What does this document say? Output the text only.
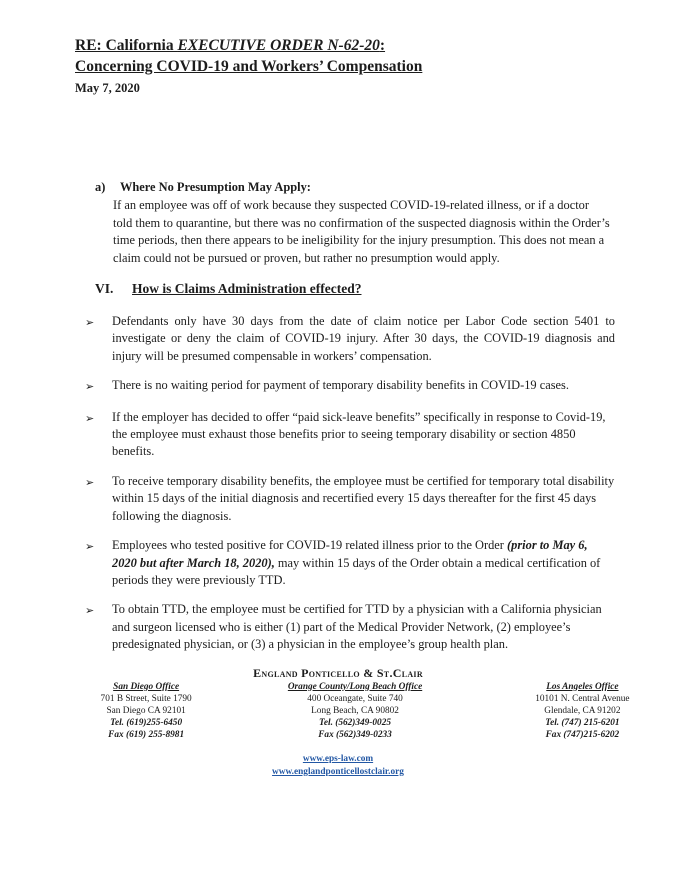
RE: California EXECUTIVE ORDER N-62-20:
Concerning COVID-19 and Workers’ Compensation
May 7, 2020
a)	Where No Presumption May Apply:
If an employee was off of work because they suspected COVID-19-related illness, or if a doctor told them to quarantine, but there was no confirmation of the suspected diagnosis within the Order’s time periods, then there appears to be ineligibility for the injury presumption. This does not mean a claim could not be pursued or proven, but rather no presumption would apply.
VI.	How is Claims Administration effected?
➢	Defendants only have 30 days from the date of claim notice per Labor Code section 5401 to investigate or deny the claim of COVID-19 injury. After 30 days, the COVID-19 diagnosis and injury will be presumed compensable in workers’ compensation.
➢	There is no waiting period for payment of temporary disability benefits in COVID-19 cases.
➢	If the employer has decided to offer “paid sick-leave benefits” specifically in response to Covid-19, the employee must exhaust those benefits prior to seeing temporary disability or section 4850 benefits.
➢	To receive temporary disability benefits, the employee must be certified for temporary total disability within 15 days of the initial diagnosis and recertified every 15 days thereafter for the first 45 days following the diagnosis.
➢	Employees who tested positive for COVID-19 related illness prior to the Order (prior to May 6, 2020 but after March 18, 2020), may within 15 days of the Order obtain a medical certification of periods they were previously TTD.
➢	To obtain TTD, the employee must be certified for TTD by a physician with a California physician and surgeon licensed who is either (1) part of the Medical Provider Network, (2) employee’s predesignated physician, or (3) a physician in the employee’s group health plan.
England Ponticello & St.Clair
San Diego Office
701 B Street, Suite 1790
San Diego CA 92101
Tel. (619)255-6450
Fax (619) 255-8981
Orange County/Long Beach Office
400 Oceangate, Suite 740
Long Beach, CA 90802
Tel. (562)349-0025
Fax (562)349-0233
Los Angeles Office
10101 N. Central Avenue
Glendale, CA 91202
Tel. (747) 215-6201
Fax (747)215-6202
www.eps-law.com
www.englandponticellostclair.org
